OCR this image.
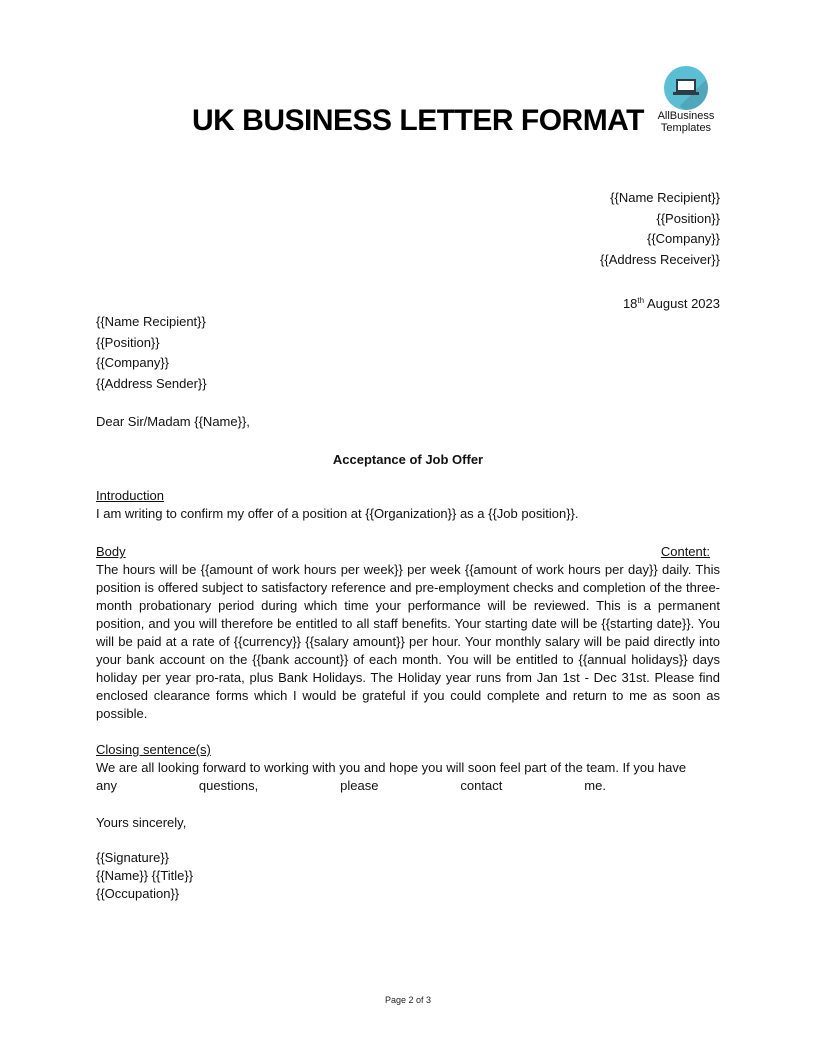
UK BUSINESS LETTER FORMAT	AllBusiness
Templates
{{Name Recipient}}
{{Position}}
{{Company}}
{{Address Receiver}}
18th August 2023
{{Name Recipient}}
{{Position}}
{{Company}}
{{Address Sender}}
Dear Sir/Madam {{Name}},
Acceptance of Job Offer
Introduction
I am writing to confirm my offer of a position at {{Organization}} as a {{Job position}}.
Body	Content:
The hours will be {{amount of work hours per week}} per week {{amount of work hours per day}} daily. This position is offered subject to satisfactory reference and pre-employment checks and completion of the three-month probationary period during which time your performance will be reviewed. This is a permanent position, and you will therefore be entitled to all staff benefits. Your starting date will be {{starting date}}. You will be paid at a rate of {{currency}} {{salary amount}} per hour. Your monthly salary will be paid directly into your bank account on the {{bank account}} of each month. You will be entitled to {{annual holidays}} days holiday per year pro-rata, plus Bank Holidays. The Holiday year runs from Jan 1st - Dec 31st. Please find enclosed clearance forms which I would be grateful if you could complete and return to me as soon as possible.
Closing sentence(s)
We are all looking forward to working with you and hope you will soon feel part of the team. If you have
any	questions,	please	contact	me.
Yours sincerely,
{{Signature}}
{{Name}} {{Title}}
{{Occupation}}
Page 2 of 3
